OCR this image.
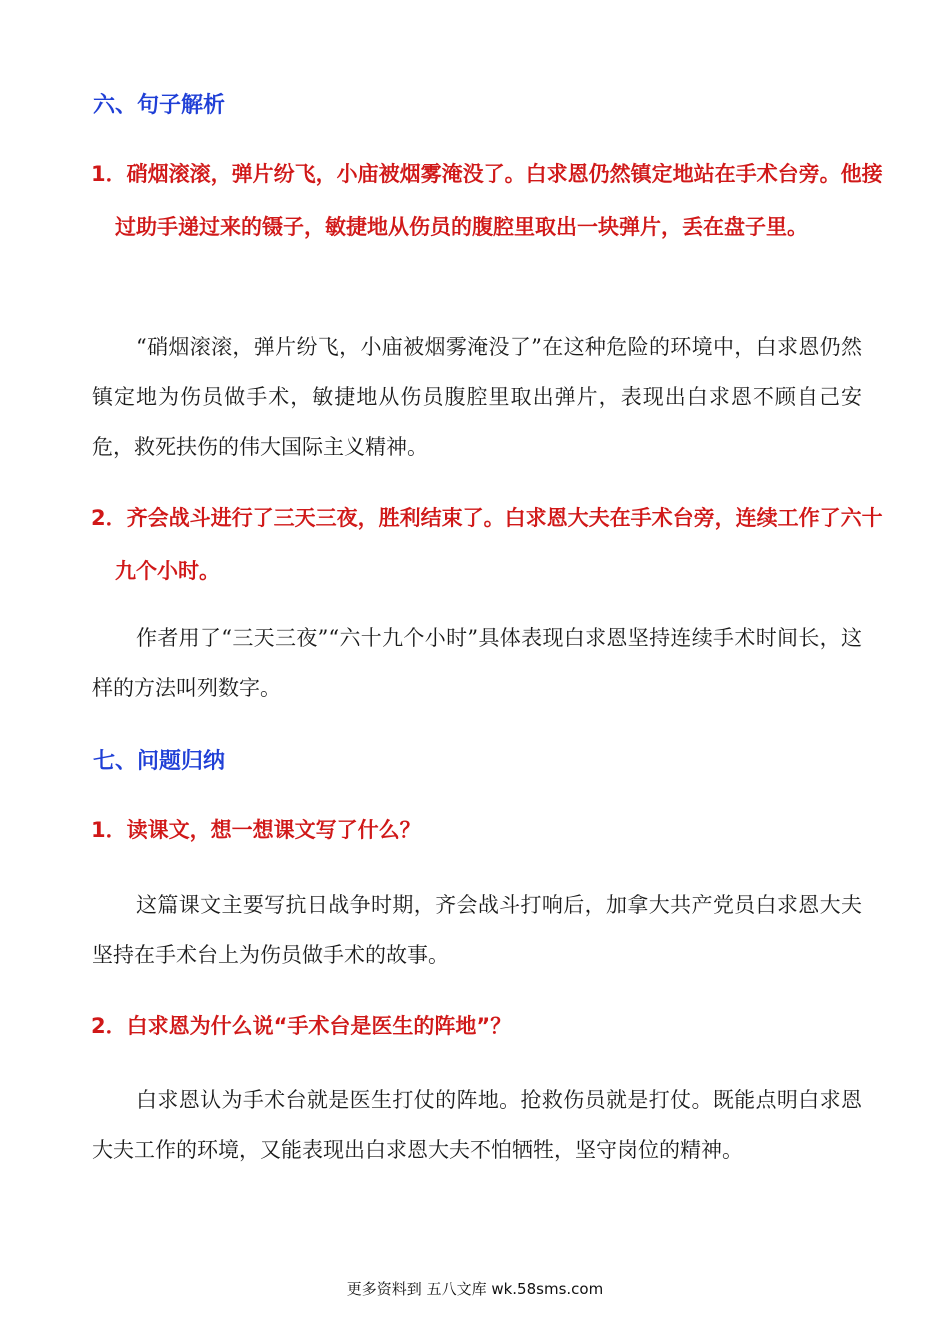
六、句子解析

1．硝烟滚滚，弹片纷飞，小庙被烟雾淹没了。白求恩仍然镇定地站在手术台旁。他接过助手递过来的镊子，敏捷地从伤员的腹腔里取出一块弹片，丢在盘子里。

“硝烟滚滚，弹片纷飞，小庙被烟雾淹没了”在这种危险的环境中，白求恩仍然镇定地为伤员做手术，敏捷地从伤员腹腔里取出弹片，表现出白求恩不顾自己安危，救死扶伤的伟大国际主义精神。

2．齐会战斗进行了三天三夜，胜利结束了。白求恩大夫在手术台旁，连续工作了六十九个小时。

作者用了“三天三夜”“六十九个小时”具体表现白求恩坚持连续手术时间长，这样的方法叫列数字。

七、问题归纳

1．读课文，想一想课文写了什么？

这篇课文主要写抗日战争时期，齐会战斗打响后，加拿大共产党员白求恩大夫坚持在手术台上为伤员做手术的故事。

2．白求恩为什么说“手术台是医生的阵地”？

白求恩认为手术台就是医生打仗的阵地。抢救伤员就是打仗。既能点明白求恩大夫工作的环境，又能表现出白求恩大夫不怕牺牲，坚守岗位的精神。

更多资料到 五八文库 wk.58sms.com
